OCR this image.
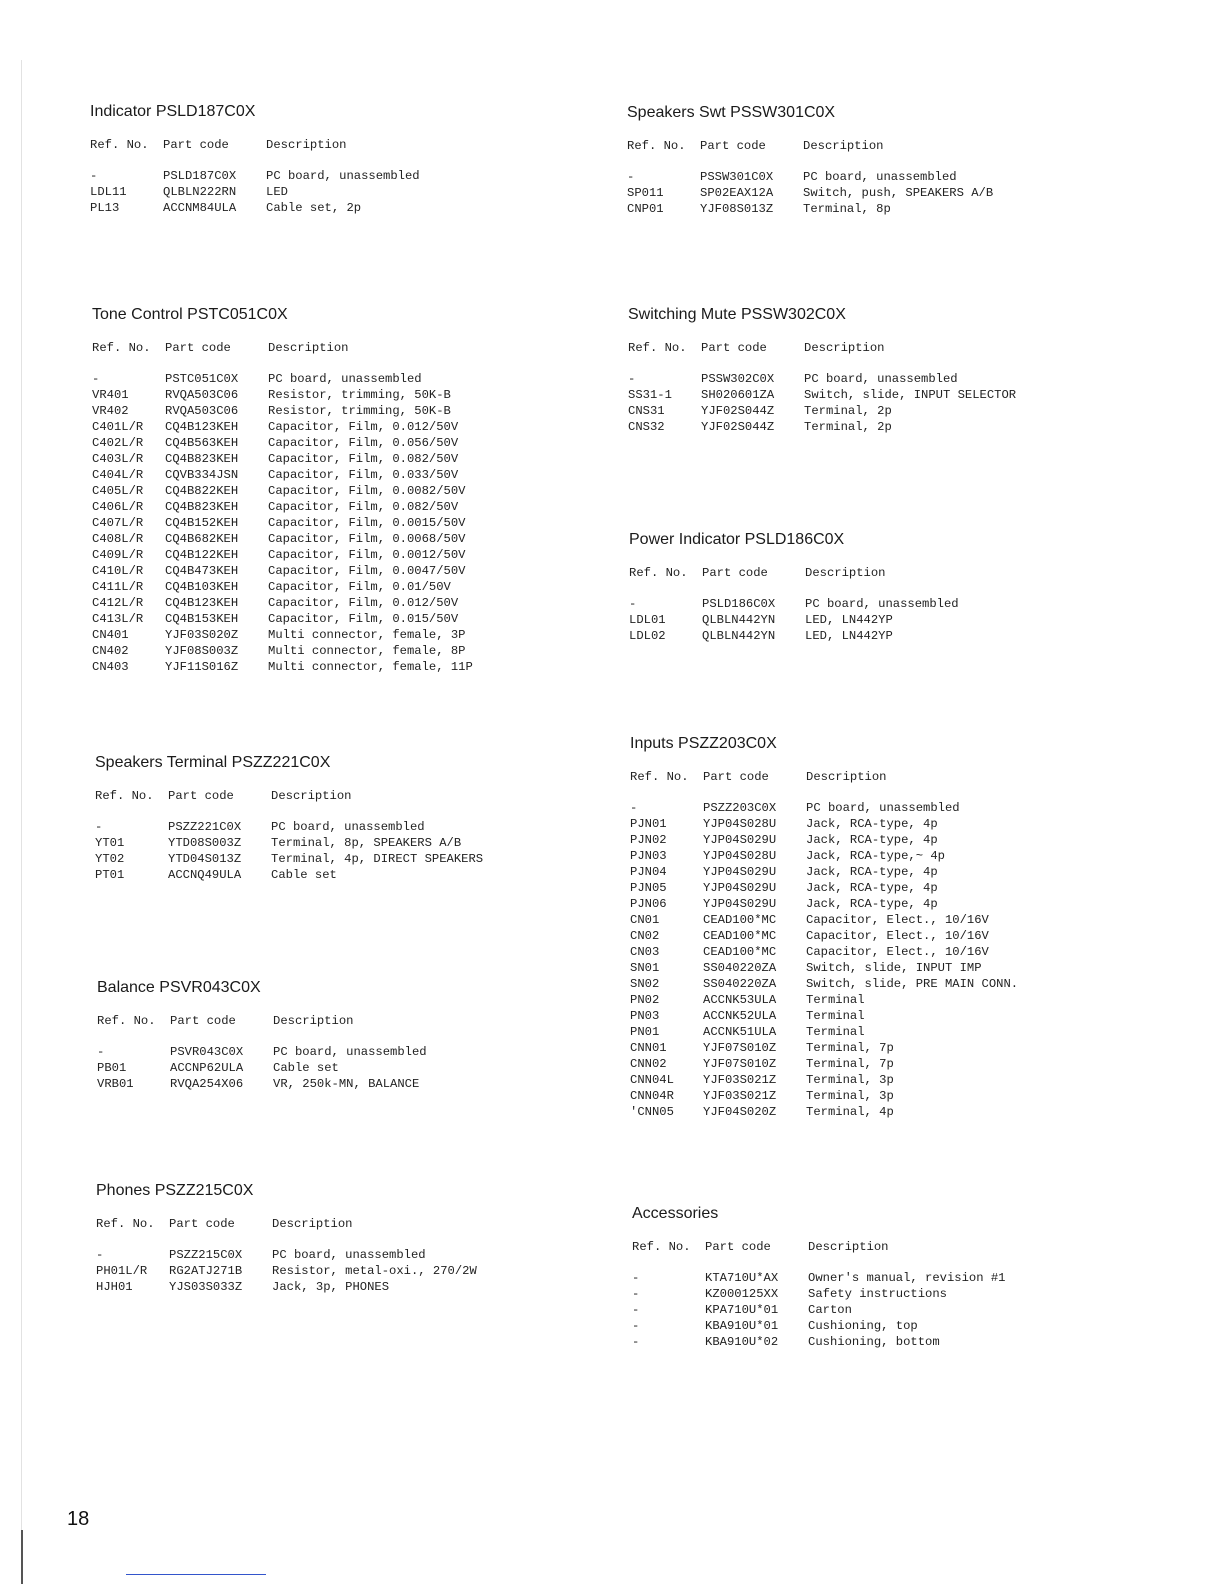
Indicator PSLD187C0X
Ref. No.	Part code	Description
-	PSLD187C0X	PC board, unassembled
LDL11	QLBLN222RN	LED
PL13	ACCNM84ULA	Cable set, 2p
Tone Control PSTC051C0X
Ref. No.	Part code	Description
-	PSTC051C0X	PC board, unassembled
VR401	RVQA503C06	Resistor, trimming, 50K-B
VR402	RVQA503C06	Resistor, trimming, 50K-B
C401L/R	CQ4B123KEH	Capacitor, Film, 0.012/50V
C402L/R	CQ4B563KEH	Capacitor, Film, 0.056/50V
C403L/R	CQ4B823KEH	Capacitor, Film, 0.082/50V
C404L/R	CQVB334JSN	Capacitor, Film, 0.033/50V
C405L/R	CQ4B822KEH	Capacitor, Film, 0.0082/50V
C406L/R	CQ4B823KEH	Capacitor, Film, 0.082/50V
C407L/R	CQ4B152KEH	Capacitor, Film, 0.0015/50V
C408L/R	CQ4B682KEH	Capacitor, Film, 0.0068/50V
C409L/R	CQ4B122KEH	Capacitor, Film, 0.0012/50V
C410L/R	CQ4B473KEH	Capacitor, Film, 0.0047/50V
C411L/R	CQ4B103KEH	Capacitor, Film, 0.01/50V
C412L/R	CQ4B123KEH	Capacitor, Film, 0.012/50V
C413L/R	CQ4B153KEH	Capacitor, Film, 0.015/50V
CN401	YJF03S020Z	Multi connector, female, 3P
CN402	YJF08S003Z	Multi connector, female, 8P
CN403	YJF11S016Z	Multi connector, female, 11P
Speakers Terminal PSZZ221C0X
Ref. No.	Part code	Description
-	PSZZ221C0X	PC board, unassembled
YT01	YTD08S003Z	Terminal, 8p, SPEAKERS A/B
YT02	YTD04S013Z	Terminal, 4p, DIRECT SPEAKERS
PT01	ACCNQ49ULA	Cable set
Balance PSVR043C0X
Ref. No.	Part code	Description
-	PSVR043C0X	PC board, unassembled
PB01	ACCNP62ULA	Cable set
VRB01	RVQA254X06	VR, 250k-MN, BALANCE
Phones PSZZ215C0X
Ref. No.	Part code	Description
-	PSZZ215C0X	PC board, unassembled
PH01L/R	RG2ATJ271B	Resistor, metal-oxi., 270/2W
HJH01	YJS03S033Z	Jack, 3p, PHONES
Speakers Swt PSSW301C0X
Ref. No.	Part code	Description
-	PSSW301C0X	PC board, unassembled
SP011	SP02EAX12A	Switch, push, SPEAKERS A/B
CNP01	YJF08S013Z	Terminal, 8p
Switching Mute PSSW302C0X
Ref. No.	Part code	Description
-	PSSW302C0X	PC board, unassembled
SS31-1	SH020601ZA	Switch, slide, INPUT SELECTOR
CNS31	YJF02S044Z	Terminal, 2p
CNS32	YJF02S044Z	Terminal, 2p
Power Indicator PSLD186C0X
Ref. No.	Part code	Description
-	PSLD186C0X	PC board, unassembled
LDL01	QLBLN442YN	LED, LN442YP
LDL02	QLBLN442YN	LED, LN442YP
Inputs PSZZ203C0X
Ref. No.	Part code	Description
-	PSZZ203C0X	PC board, unassembled
PJN01	YJP04S028U	Jack, RCA-type, 4p
PJN02	YJP04S029U	Jack, RCA-type, 4p
PJN03	YJP04S028U	Jack, RCA-type,~ 4p
PJN04	YJP04S029U	Jack, RCA-type, 4p
PJN05	YJP04S029U	Jack, RCA-type, 4p
PJN06	YJP04S029U	Jack, RCA-type, 4p
CN01	CEAD100*MC	Capacitor, Elect., 10/16V
CN02	CEAD100*MC	Capacitor, Elect., 10/16V
CN03	CEAD100*MC	Capacitor, Elect., 10/16V
SN01	SS040220ZA	Switch, slide, INPUT IMP
SN02	SS040220ZA	Switch, slide, PRE MAIN CONN.
PN02	ACCNK53ULA	Terminal
PN03	ACCNK52ULA	Terminal
PN01	ACCNK51ULA	Terminal
CNN01	YJF07S010Z	Terminal, 7p
CNN02	YJF07S010Z	Terminal, 7p
CNN04L	YJF03S021Z	Terminal, 3p
CNN04R	YJF03S021Z	Terminal, 3p
'CNN05	YJF04S020Z	Terminal, 4p
Accessories
Ref. No.	Part code	Description
-	KTA710U*AX	Owner's manual, revision #1
-	KZ000125XX	Safety instructions
-	KPA710U*01	Carton
-	KBA910U*01	Cushioning, top
-	KBA910U*02	Cushioning, bottom
18
